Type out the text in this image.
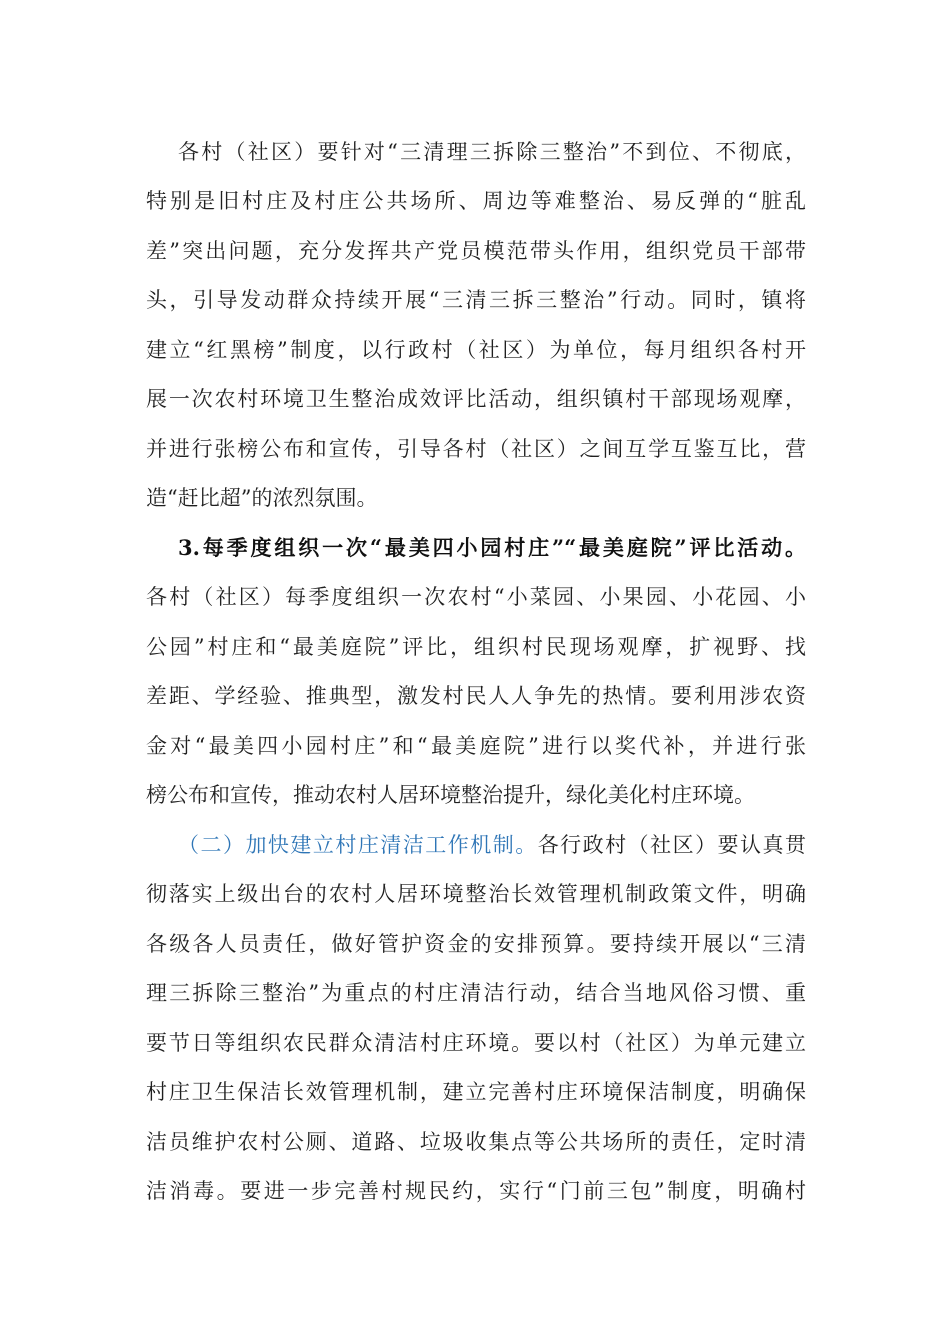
各村（社区）要针对“三清理三拆除三整治”不到位、不彻底，
特别是旧村庄及村庄公共场所、周边等难整治、易反弹的“脏乱
差”突出问题，充分发挥共产党员模范带头作用，组织党员干部带
头，引导发动群众持续开展“三清三拆三整治”行动。同时，镇将
建立“红黑榜”制度，以行政村（社区）为单位，每月组织各村开
展一次农村环境卫生整治成效评比活动，组织镇村干部现场观摩，
并进行张榜公布和宣传，引导各村（社区）之间互学互鉴互比，营
造“赶比超”的浓烈氛围。
3.每季度组织一次“最美四小园村庄”“最美庭院”评比活动。
各村（社区）每季度组织一次农村“小菜园、小果园、小花园、小
公园”村庄和“最美庭院”评比，组织村民现场观摩，扩视野、找
差距、学经验、推典型，激发村民人人争先的热情。要利用涉农资
金对“最美四小园村庄”和“最美庭院”进行以奖代补，并进行张
榜公布和宣传，推动农村人居环境整治提升，绿化美化村庄环境。
（二）加快建立村庄清洁工作机制。各行政村（社区）要认真贯
彻落实上级出台的农村人居环境整治长效管理机制政策文件，明确
各级各人员责任，做好管护资金的安排预算。要持续开展以“三清
理三拆除三整治”为重点的村庄清洁行动，结合当地风俗习惯、重
要节日等组织农民群众清洁村庄环境。要以村（社区）为单元建立
村庄卫生保洁长效管理机制，建立完善村庄环境保洁制度，明确保
洁员维护农村公厕、道路、垃圾收集点等公共场所的责任，定时清
洁消毒。要进一步完善村规民约，实行“门前三包”制度，明确村
